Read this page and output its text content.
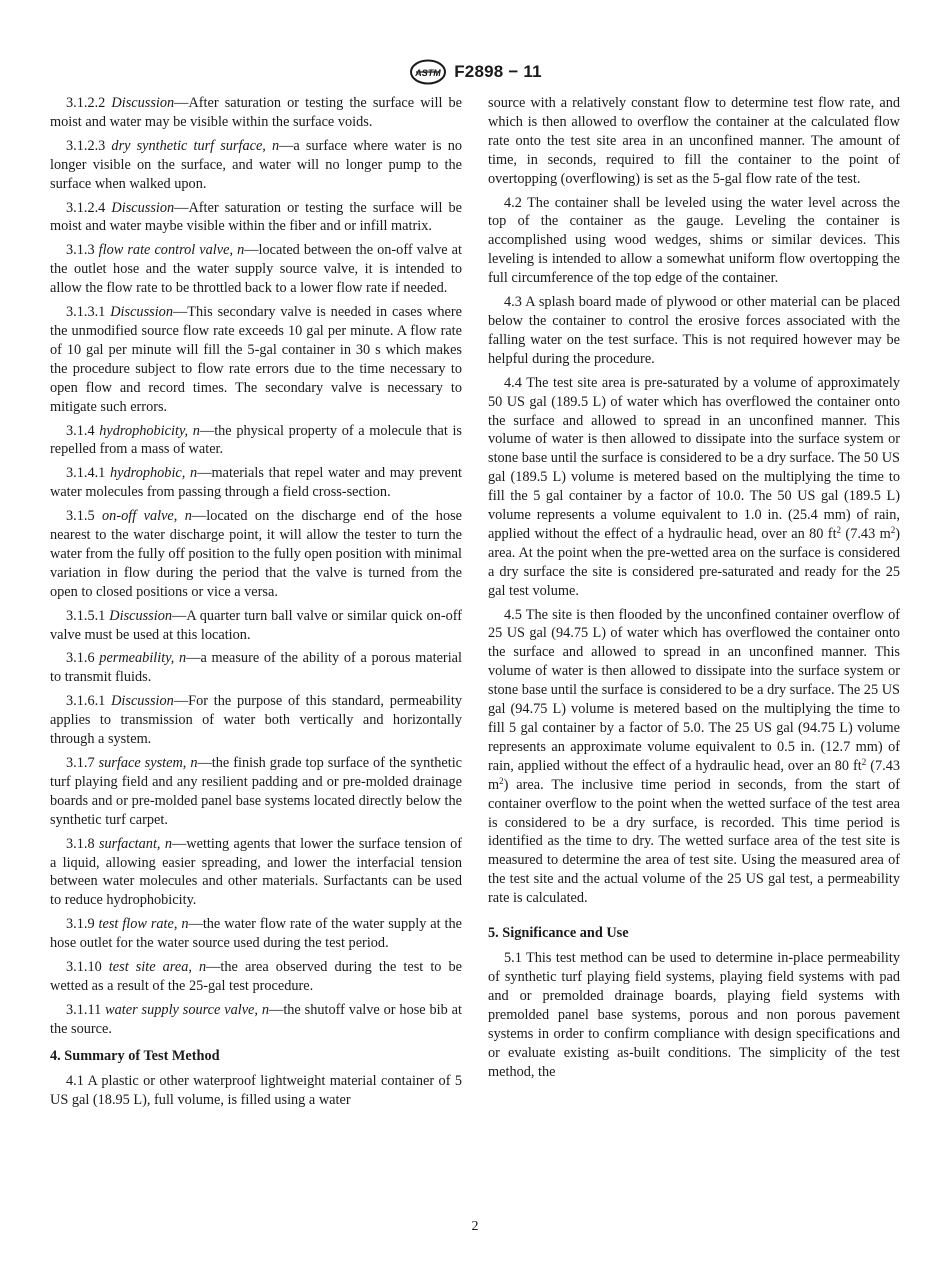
ASTM F2898 − 11

3.1.2.2 Discussion—After saturation or testing the surface will be moist and water may be visible within the surface voids.

3.1.2.3 dry synthetic turf surface, n—a surface where water is no longer visible on the surface, and water will no longer pump to the surface when walked upon.

3.1.2.4 Discussion—After saturation or testing the surface will be moist and water maybe visible within the fiber and or infill matrix.

3.1.3 flow rate control valve, n—located between the on-off valve at the outlet hose and the water supply source valve, it is intended to allow the flow rate to be throttled back to a lower flow rate if needed.

3.1.3.1 Discussion—This secondary valve is needed in cases where the unmodified source flow rate exceeds 10 gal per minute. A flow rate of 10 gal per minute will fill the 5-gal container in 30 s which makes the procedure subject to flow rate errors due to the time necessary to open flow and record times. The secondary valve is necessary to mitigate such errors.

3.1.4 hydrophobicity, n—the physical property of a molecule that is repelled from a mass of water.

3.1.4.1 hydrophobic, n—materials that repel water and may prevent water molecules from passing through a field cross-section.

3.1.5 on-off valve, n—located on the discharge end of the hose nearest to the water discharge point, it will allow the tester to turn the water from the fully off position to the fully open position with minimal variation in flow during the period that the valve is turned from the open to closed positions or vice a versa.

3.1.5.1 Discussion—A quarter turn ball valve or similar quick on-off valve must be used at this location.

3.1.6 permeability, n—a measure of the ability of a porous material to transmit fluids.

3.1.6.1 Discussion—For the purpose of this standard, permeability applies to transmission of water both vertically and horizontally through a system.

3.1.7 surface system, n—the finish grade top surface of the synthetic turf playing field and any resilient padding and or pre-molded drainage boards and or pre-molded panel base systems located directly below the synthetic turf carpet.

3.1.8 surfactant, n—wetting agents that lower the surface tension of a liquid, allowing easier spreading, and lower the interfacial tension between water molecules and other materials. Surfactants can be used to reduce hydrophobicity.

3.1.9 test flow rate, n—the water flow rate of the water supply at the hose outlet for the water source used during the test period.

3.1.10 test site area, n—the area observed during the test to be wetted as a result of the 25-gal test procedure.

3.1.11 water supply source valve, n—the shutoff valve or hose bib at the source.

4. Summary of Test Method

4.1 A plastic or other waterproof lightweight material container of 5 US gal (18.95 L), full volume, is filled using a water

source with a relatively constant flow to determine test flow rate, and which is then allowed to overflow the container at the calculated flow rate onto the test site area in an unconfined manner. The amount of time, in seconds, required to fill the container to the point of overtopping (overflowing) is set as the 5-gal flow rate of the test.

4.2 The container shall be leveled using the water level across the top of the container as the gauge. Leveling the container is accomplished using wood wedges, shims or similar devices. This leveling is intended to allow a somewhat uniform flow overtopping the full circumference of the top edge of the container.

4.3 A splash board made of plywood or other material can be placed below the container to control the erosive forces associated with the falling water on the test surface. This is not required however may be helpful during the procedure.

4.4 The test site area is pre-saturated by a volume of approximately 50 US gal (189.5 L) of water which has overflowed the container onto the surface and allowed to spread in an unconfined manner. This volume of water is then allowed to dissipate into the surface system or stone base until the surface is considered to be a dry surface. The 50 US gal (189.5 L) volume is metered based on the multiplying the time to fill the 5 gal container by a factor of 10.0. The 50 US gal (189.5 L) volume represents a volume equivalent to 1.0 in. (25.4 mm) of rain, applied without the effect of a hydraulic head, over an 80 $ft^2$ (7.43 $m^2$) area. At the point when the pre-wetted area on the surface is considered a dry surface the site is considered pre-saturated and ready for the 25 gal test volume.

4.5 The site is then flooded by the unconfined container overflow of 25 US gal (94.75 L) of water which has overflowed the container onto the surface and allowed to spread in an unconfined manner. This volume of water is then allowed to dissipate into the surface system or stone base until the surface is considered to be a dry surface. The 25 US gal (94.75 L) volume is metered based on the multiplying the time to fill 5 gal container by a factor of 5.0. The 25 US gal (94.75 L) volume represents an approximate volume equivalent to 0.5 in. (12.7 mm) of rain, applied without the effect of a hydraulic head, over an 80 $ft^2$ (7.43 $m^2$) area. The inclusive time period in seconds, from the start of container overflow to the point when the wetted surface of the test area is considered to be a dry surface, is recorded. This time period is identified as the time to dry. The wetted surface area of the test site is measured to determine the area of test site. Using the measured area of the test site and the actual volume of the 25 US gal test, a permeability rate is calculated.

5. Significance and Use

5.1 This test method can be used to determine in-place permeability of synthetic turf playing field systems, playing field systems with pad and or premolded drainage boards, playing field systems with premolded panel base systems, porous and non porous pavement systems in order to confirm compliance with design specifications and or evaluate existing as-built conditions. The simplicity of the test method, the

2
